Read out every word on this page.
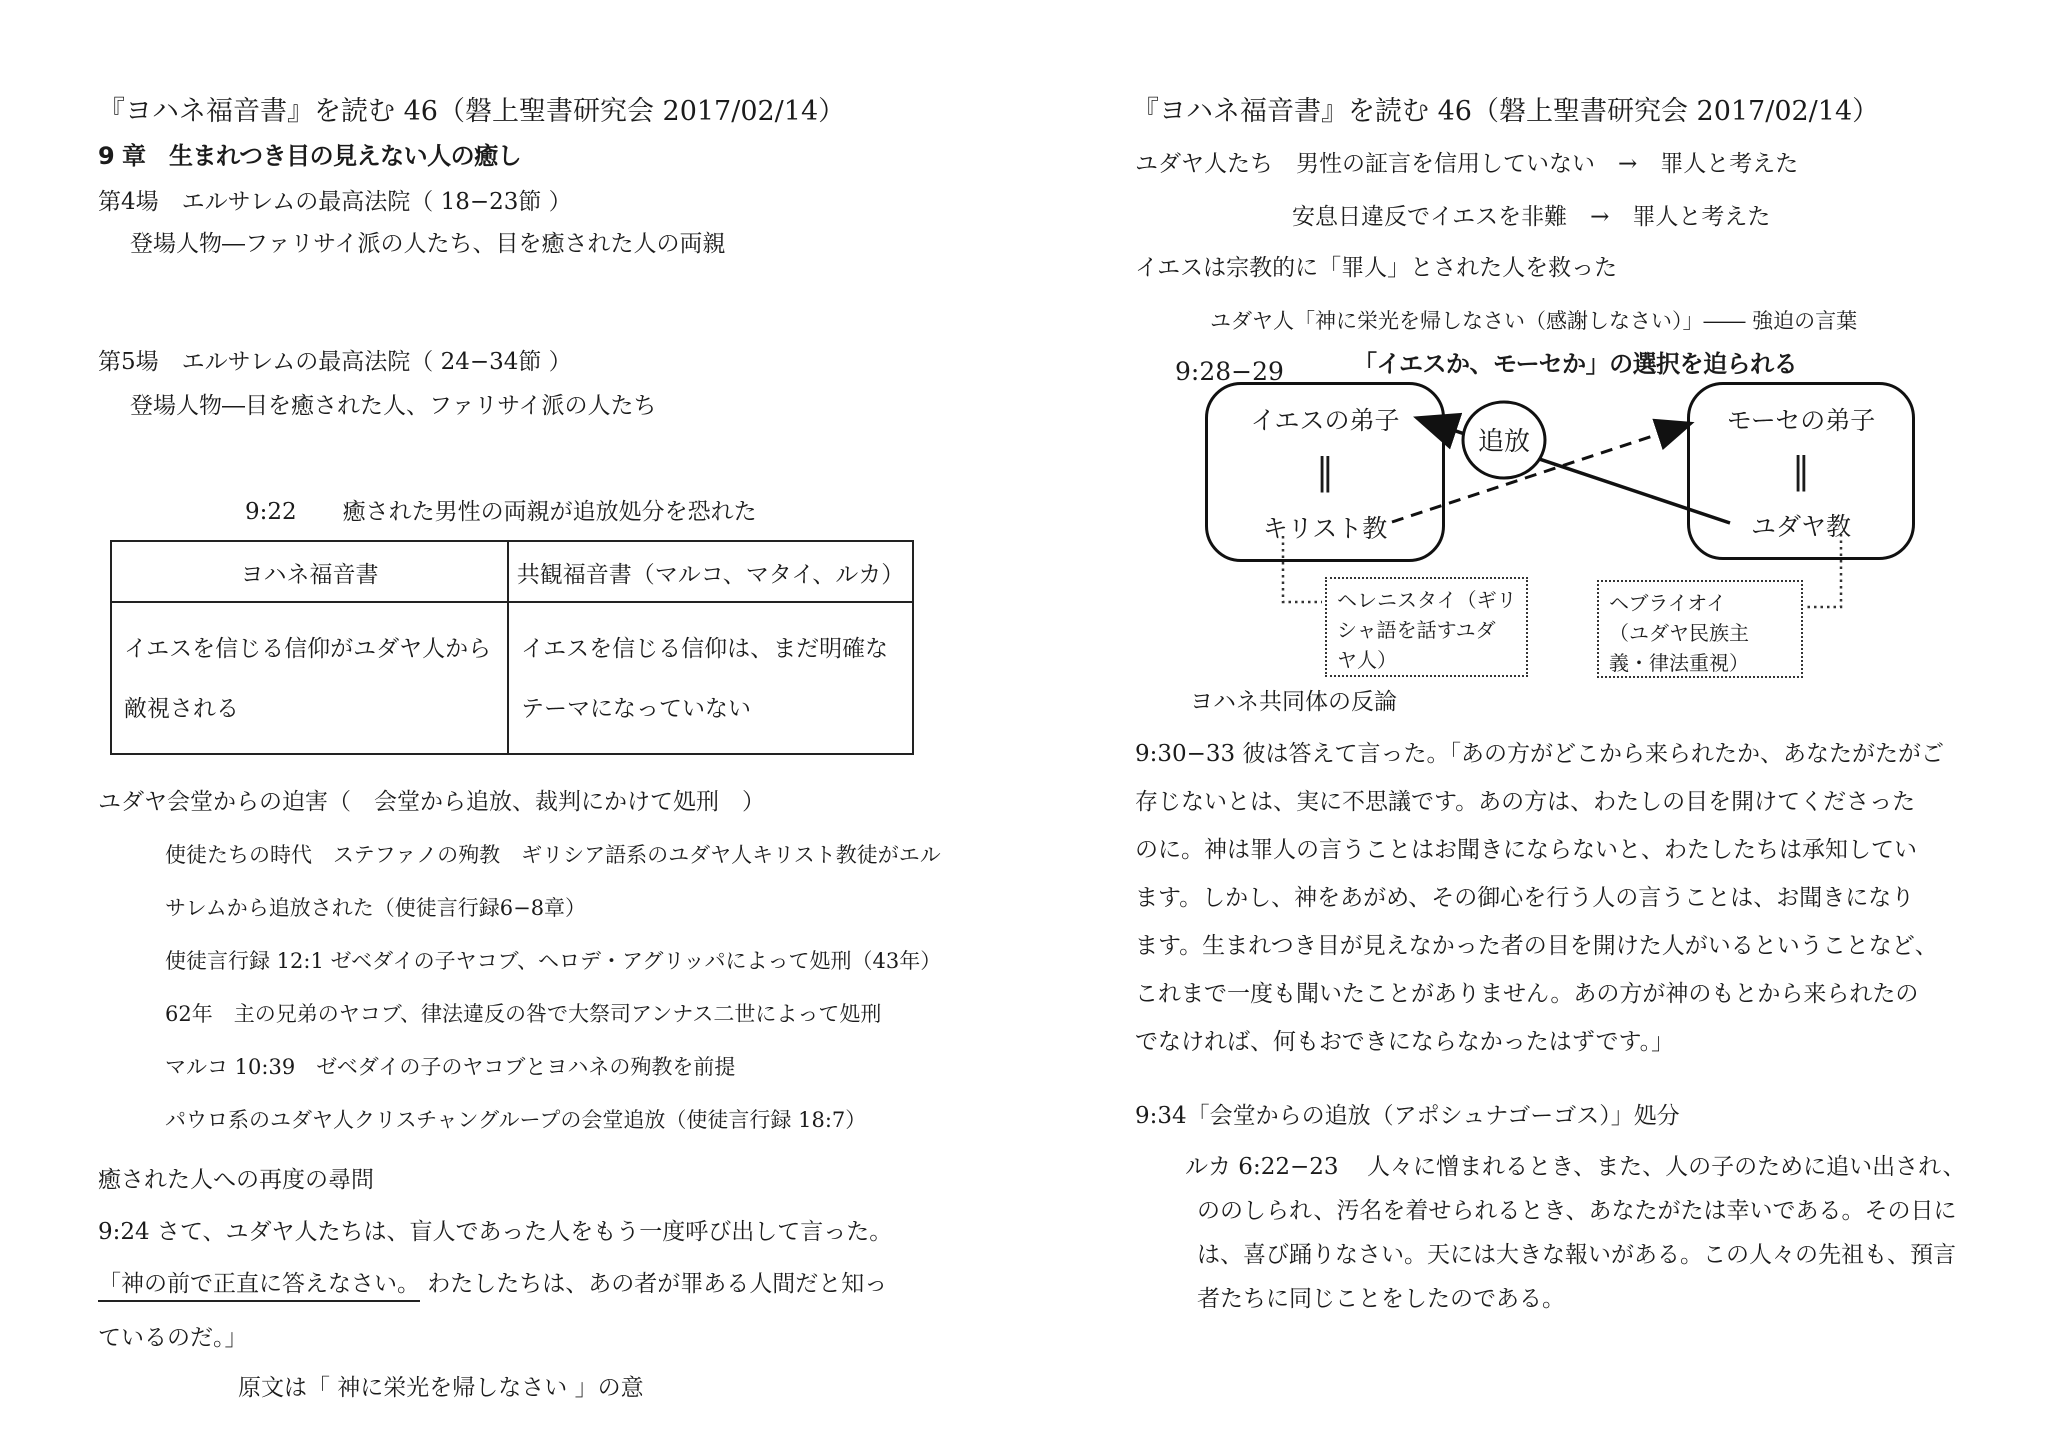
『ヨハネ福音書』を読む 46（磐上聖書研究会 2017/02/14）
9 章　生まれつき目の見えない人の癒し
第4場　エルサレムの最高法院（ 18−23節 ）
登場人物―ファリサイ派の人たち、目を癒された人の両親
第5場　エルサレムの最高法院（ 24−34節 ）
登場人物―目を癒された人、ファリサイ派の人たち
9:22　　癒された男性の両親が追放処分を恐れた
ヨハネ福音書	共観福音書（マルコ、マタイ、ルカ）
イエスを信じる信仰がユダヤ人から
敵視される
イエスを信じる信仰は、まだ明確な
テーマになっていない
ユダヤ会堂からの迫害（　会堂から追放、裁判にかけて処刑　）
使徒たちの時代　ステファノの殉教　ギリシア語系のユダヤ人キリスト教徒がエル
サレムから追放された（使徒言行録6−8章）
使徒言行録 12:1 ゼベダイの子ヤコブ、ヘロデ・アグリッパによって処刑（43年）
62年　主の兄弟のヤコブ、律法違反の咎で大祭司アンナス二世によって処刑
マルコ 10:39　ゼベダイの子のヤコブとヨハネの殉教を前提
パウロ系のユダヤ人クリスチャングループの会堂追放（使徒言行録 18:7）
癒された人への再度の尋問
9:24 さて、ユダヤ人たちは、盲人であった人をもう一度呼び出して言った。
「神の前で正直に答えなさい。 わたしたちは、あの者が罪ある人間だと知っ
ているのだ。」
原文は「 神に栄光を帰しなさい 」の意
『ヨハネ福音書』を読む 46（磐上聖書研究会 2017/02/14）
ユダヤ人たち　男性の証言を信用していない　→　罪人と考えた
安息日違反でイエスを非難　→　罪人と考えた
イエスは宗教的に「罪人」とされた人を救った
ユダヤ人「神に栄光を帰しなさい（感謝しなさい）」―― 強迫の言葉
9:28−29	「イエスか、モーセか」の選択を迫られる
イエスの弟子
‖
キリスト教
モーセの弟子
‖
ユダヤ教
追放
ヘレニスタイ（ギリ
シャ語を話すユダ
ヤ人）
ヘブライオイ
（ユダヤ民族主
義・律法重視）
ヨハネ共同体の反論
9:30−33 彼は答えて言った。「あの方がどこから来られたか、あなたがたがご
存じないとは、実に不思議です。あの方は、わたしの目を開けてくださった
のに。神は罪人の言うことはお聞きにならないと、わたしたちは承知してい
ます。しかし、神をあがめ、その御心を行う人の言うことは、お聞きになり
ます。生まれつき目が見えなかった者の目を開けた人がいるということなど、
これまで一度も聞いたことがありません。あの方が神のもとから来られたの
でなければ、何もおできにならなかったはずです。」
9:34「会堂からの追放（アポシュナゴーゴス）」処分
ルカ 6:22−23 人々に憎まれるとき、また、人の子のために追い出され、
ののしられ、汚名を着せられるとき、あなたがたは幸いである。その日に
は、喜び踊りなさい。天には大きな報いがある。この人々の先祖も、預言
者たちに同じことをしたのである。
